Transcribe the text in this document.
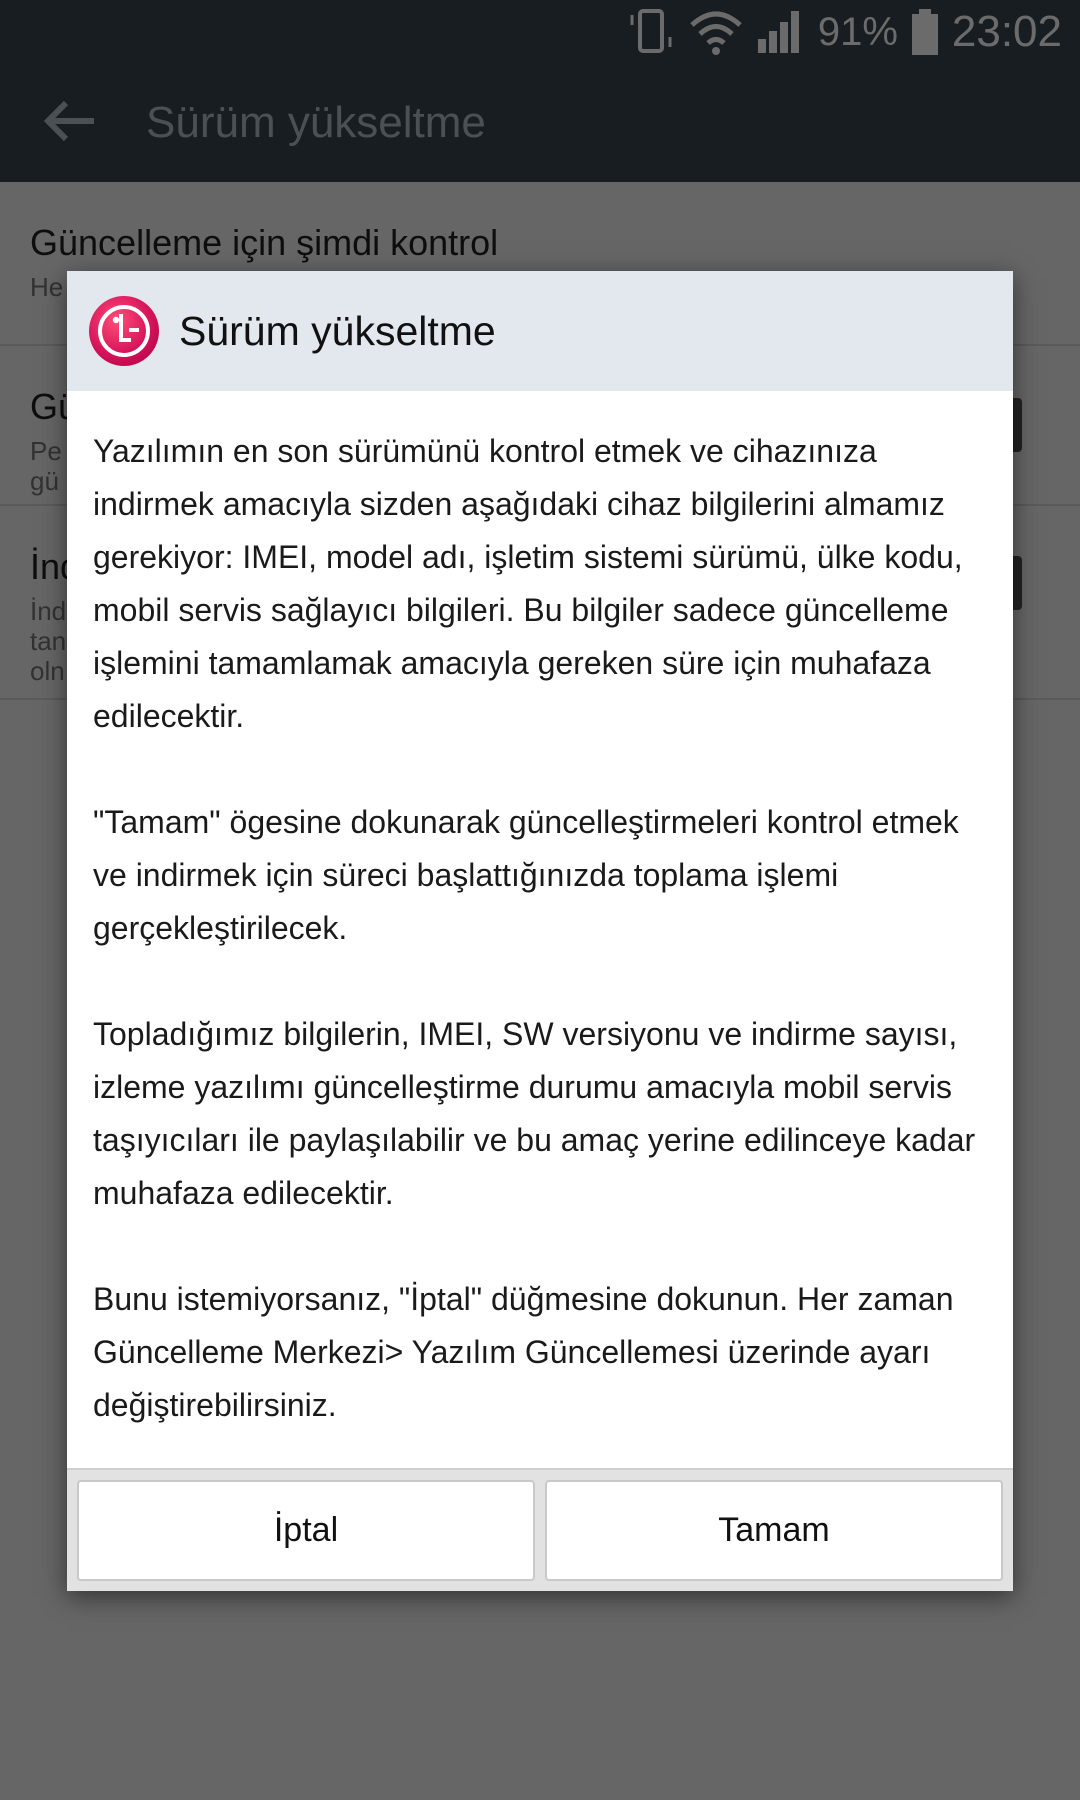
Sürüm yükseltme

Yazılımın en son sürümünü kontrol etmek ve cihazınıza indirmek amacıyla sizden aşağıdaki cihaz bilgilerini almamız gerekiyor: IMEI, model adı, işletim sistemi sürümü, ülke kodu, mobil servis sağlayıcı bilgileri. Bu bilgiler sadece güncelleme işlemini tamamlamak amacıyla gereken süre için muhafaza edilecektir.

"Tamam" ögesine dokunarak güncelleştirmeleri kontrol etmek ve indirmek için süreci başlattığınızda toplama işlemi gerçekleştirilecek.

Topladığımız bilgilerin, IMEI, SW versiyonu ve indirme sayısı, izleme yazılımı güncelleştirme durumu amacıyla mobil servis taşıyıcıları ile paylaşılabilir ve bu amaç yerine edilinceye kadar muhafaza edilecektir.

Bunu istemiyorsanız, "İptal" düğmesine dokunun. Her zaman Güncelleme Merkezi> Yazılım Güncellemesi üzerinde ayarı değiştirebilirsiniz.

İptal	Tamam
